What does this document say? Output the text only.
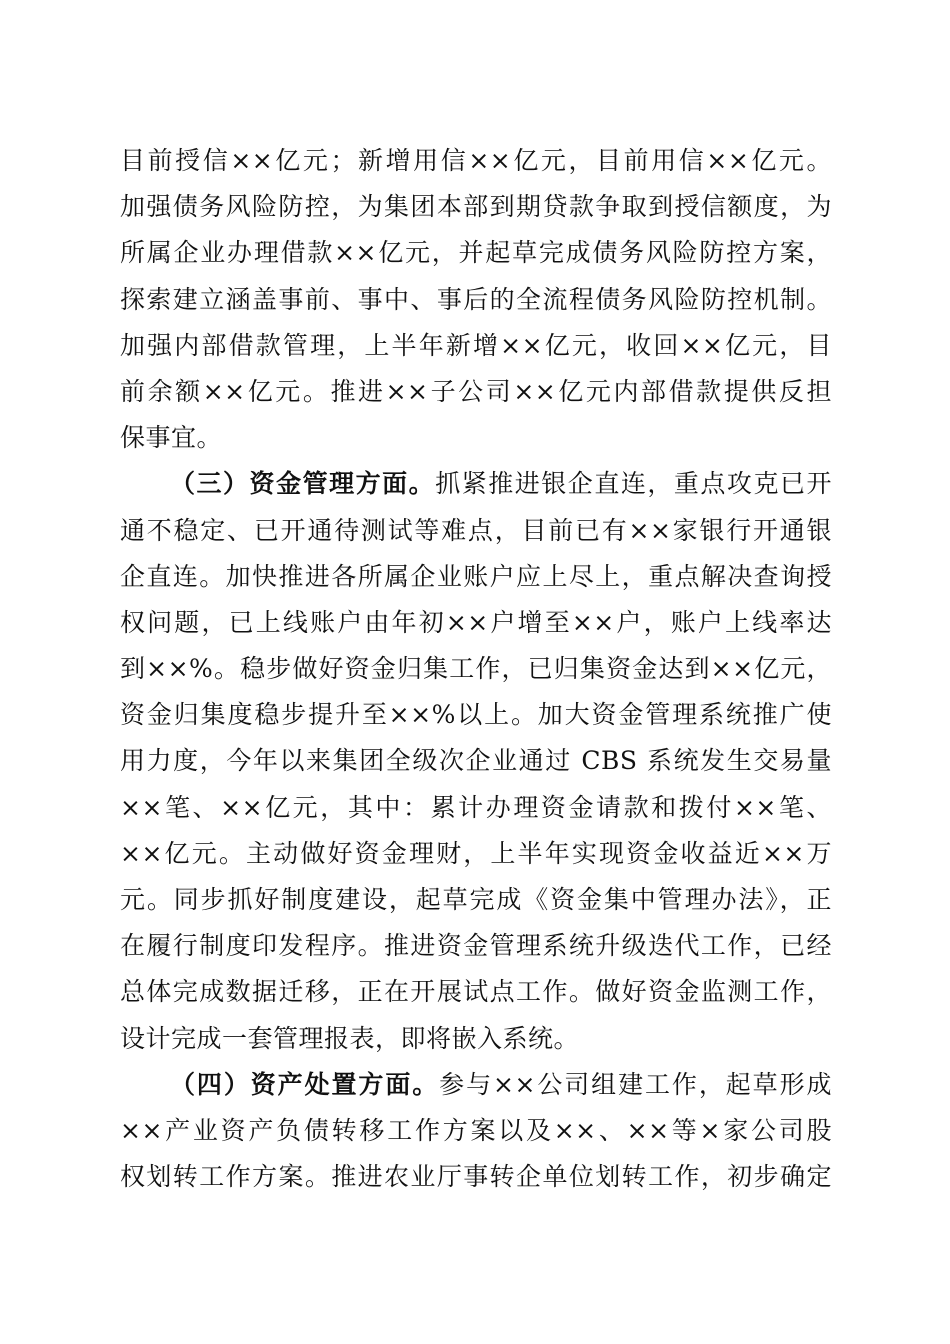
目前授信××亿元；新增用信××亿元，目前用信××亿元。
加强债务风险防控，为集团本部到期贷款争取到授信额度，为
所属企业办理借款××亿元，并起草完成债务风险防控方案，
探索建立涵盖事前、事中、事后的全流程债务风险防控机制。
加强内部借款管理，上半年新增××亿元，收回××亿元，目
前余额××亿元。推进××子公司××亿元内部借款提供反担
保事宜。
（三）资金管理方面。抓紧推进银企直连，重点攻克已开
通不稳定、已开通待测试等难点，目前已有××家银行开通银
企直连。加快推进各所属企业账户应上尽上，重点解决查询授
权问题，已上线账户由年初××户增至××户，账户上线率达
到××%。稳步做好资金归集工作，已归集资金达到××亿元，
资金归集度稳步提升至××%以上。加大资金管理系统推广使
用力度，今年以来集团全级次企业通过 CBS 系统发生交易量
××笔、××亿元，其中：累计办理资金请款和拨付××笔、
××亿元。主动做好资金理财，上半年实现资金收益近××万
元。同步抓好制度建设，起草完成《资金集中管理办法》，正
在履行制度印发程序。推进资金管理系统升级迭代工作，已经
总体完成数据迁移，正在开展试点工作。做好资金监测工作，
设计完成一套管理报表，即将嵌入系统。
（四）资产处置方面。参与××公司组建工作，起草形成
××产业资产负债转移工作方案以及××、××等×家公司股
权划转工作方案。推进农业厅事转企单位划转工作，初步确定
